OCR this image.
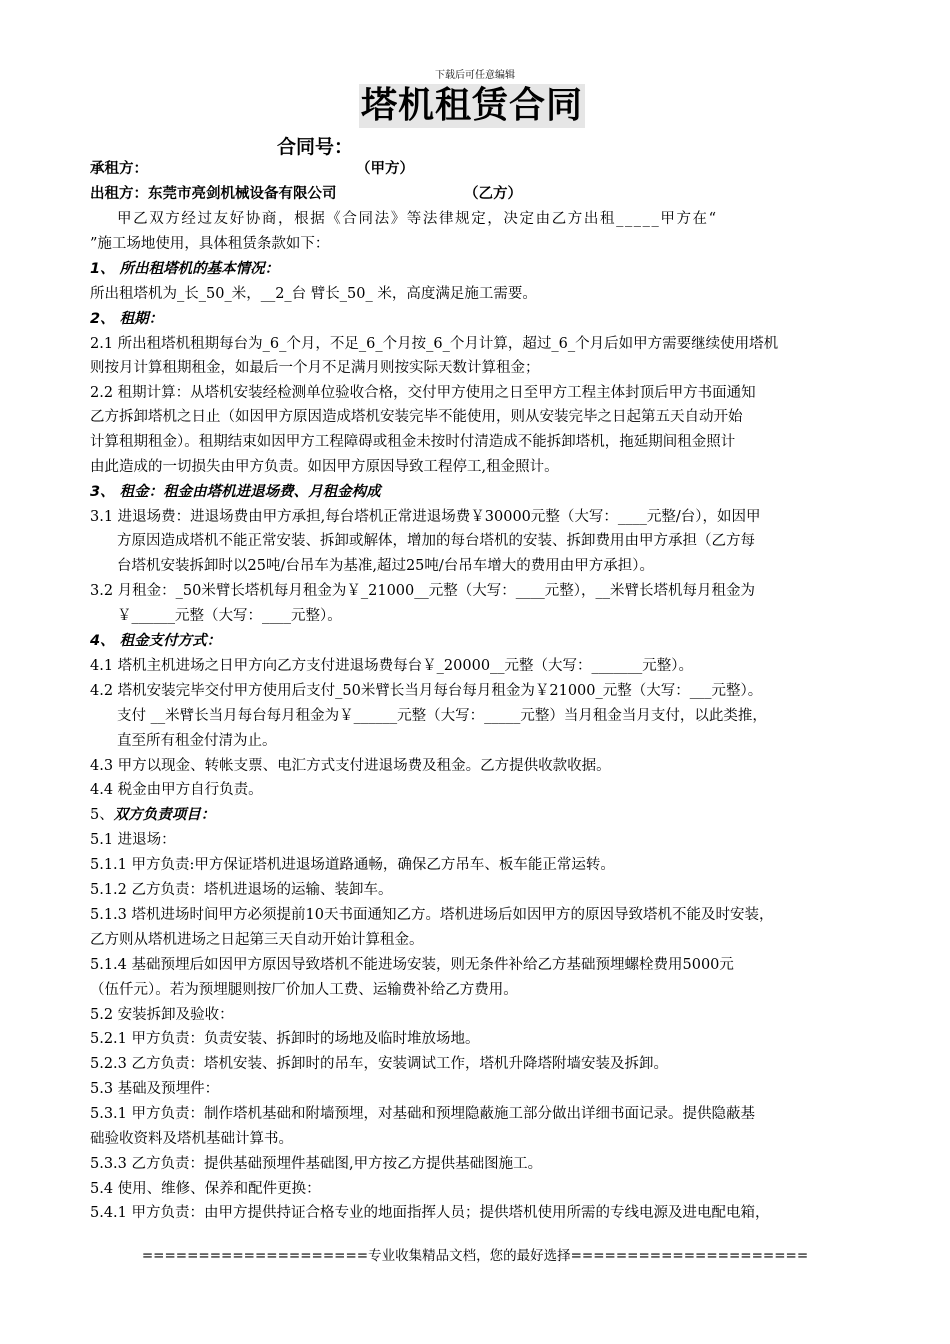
下载后可任意编辑
塔机租赁合同
合同号：
承租方：	（甲方）
出租方：东莞市亮剑机械设备有限公司	（乙方）
甲乙双方经过友好协商，根据《合同法》等法律规定，决定由乙方出租_____甲方在“
”施工场地使用，具体租赁条款如下：
1、 所出租塔机的基本情况：
所出租塔机为_长_50_米，__2_台 臂长_50_ 米，高度满足施工需要。
2、 租期：
2.1 所出租塔机租期每台为_6_个月，不足_6_个月按_6_个月计算，超过_6_个月后如甲方需要继续使用塔机
则按月计算租期租金，如最后一个月不足满月则按实际天数计算租金；
2.2 租期计算：从塔机安装经检测单位验收合格，交付甲方使用之日至甲方工程主体封顶后甲方书面通知
乙方拆卸塔机之日止（如因甲方原因造成塔机安装完毕不能使用，则从安装完毕之日起第五天自动开始
计算租期租金）。租期结束如因甲方工程障碍或租金未按时付清造成不能拆卸塔机，拖延期间租金照计
由此造成的一切损失由甲方负责。如因甲方原因导致工程停工,租金照计。
3、 租金：租金由塔机进退场费、月租金构成
3.1 进退场费：进退场费由甲方承担,每台塔机正常进退场费￥30000元整（大写：____元整/台），如因甲
方原因造成塔机不能正常安装、拆卸或解体，增加的每台塔机的安装、拆卸费用由甲方承担（乙方每
台塔机安装拆卸时以25吨/台吊车为基准,超过25吨/台吊车增大的费用由甲方承担）。
3.2 月租金：_50米臂长塔机每月租金为￥_21000__元整（大写：____元整），__米臂长塔机每月租金为
￥______元整（大写：____元整）。
4、 租金支付方式：
4.1 塔机主机进场之日甲方向乙方支付进退场费每台￥_20000__元整（大写：_______元整）。
4.2 塔机安装完毕交付甲方使用后支付_50米臂长当月每台每月租金为￥21000_元整（大写：___元整）。
支付 __米臂长当月每台每月租金为￥______元整（大写：_____元整）当月租金当月支付，以此类推，
直至所有租金付清为止。
4.3 甲方以现金、转帐支票、电汇方式支付进退场费及租金。乙方提供收款收据。
4.4 税金由甲方自行负责。
5、双方负责项目：
5.1 进退场：
5.1.1 甲方负责:甲方保证塔机进退场道路通畅，确保乙方吊车、板车能正常运转。
5.1.2 乙方负责：塔机进退场的运输、装卸车。
5.1.3 塔机进场时间甲方必须提前10天书面通知乙方。塔机进场后如因甲方的原因导致塔机不能及时安装，
乙方则从塔机进场之日起第三天自动开始计算租金。
5.1.4 基础预埋后如因甲方原因导致塔机不能进场安装，则无条件补给乙方基础预埋螺栓费用5000元
（伍仟元）。若为预埋腿则按厂价加人工费、运输费补给乙方费用。
5.2 安装拆卸及验收：
5.2.1 甲方负责：负责安装、拆卸时的场地及临时堆放场地。
5.2.3 乙方负责：塔机安装、拆卸时的吊车，安装调试工作，塔机升降塔附墙安装及拆卸。
5.3 基础及预埋件：
5.3.1 甲方负责：制作塔机基础和附墙预埋，对基础和预埋隐蔽施工部分做出详细书面记录。提供隐蔽基
础验收资料及塔机基础计算书。
5.3.3 乙方负责：提供基础预埋件基础图,甲方按乙方提供基础图施工。
5.4 使用、维修、保养和配件更换：
5.4.1 甲方负责：由甲方提供持证合格专业的地面指挥人员；提供塔机使用所需的专线电源及进电配电箱，
====================专业收集精品文档，您的最好选择=====================
